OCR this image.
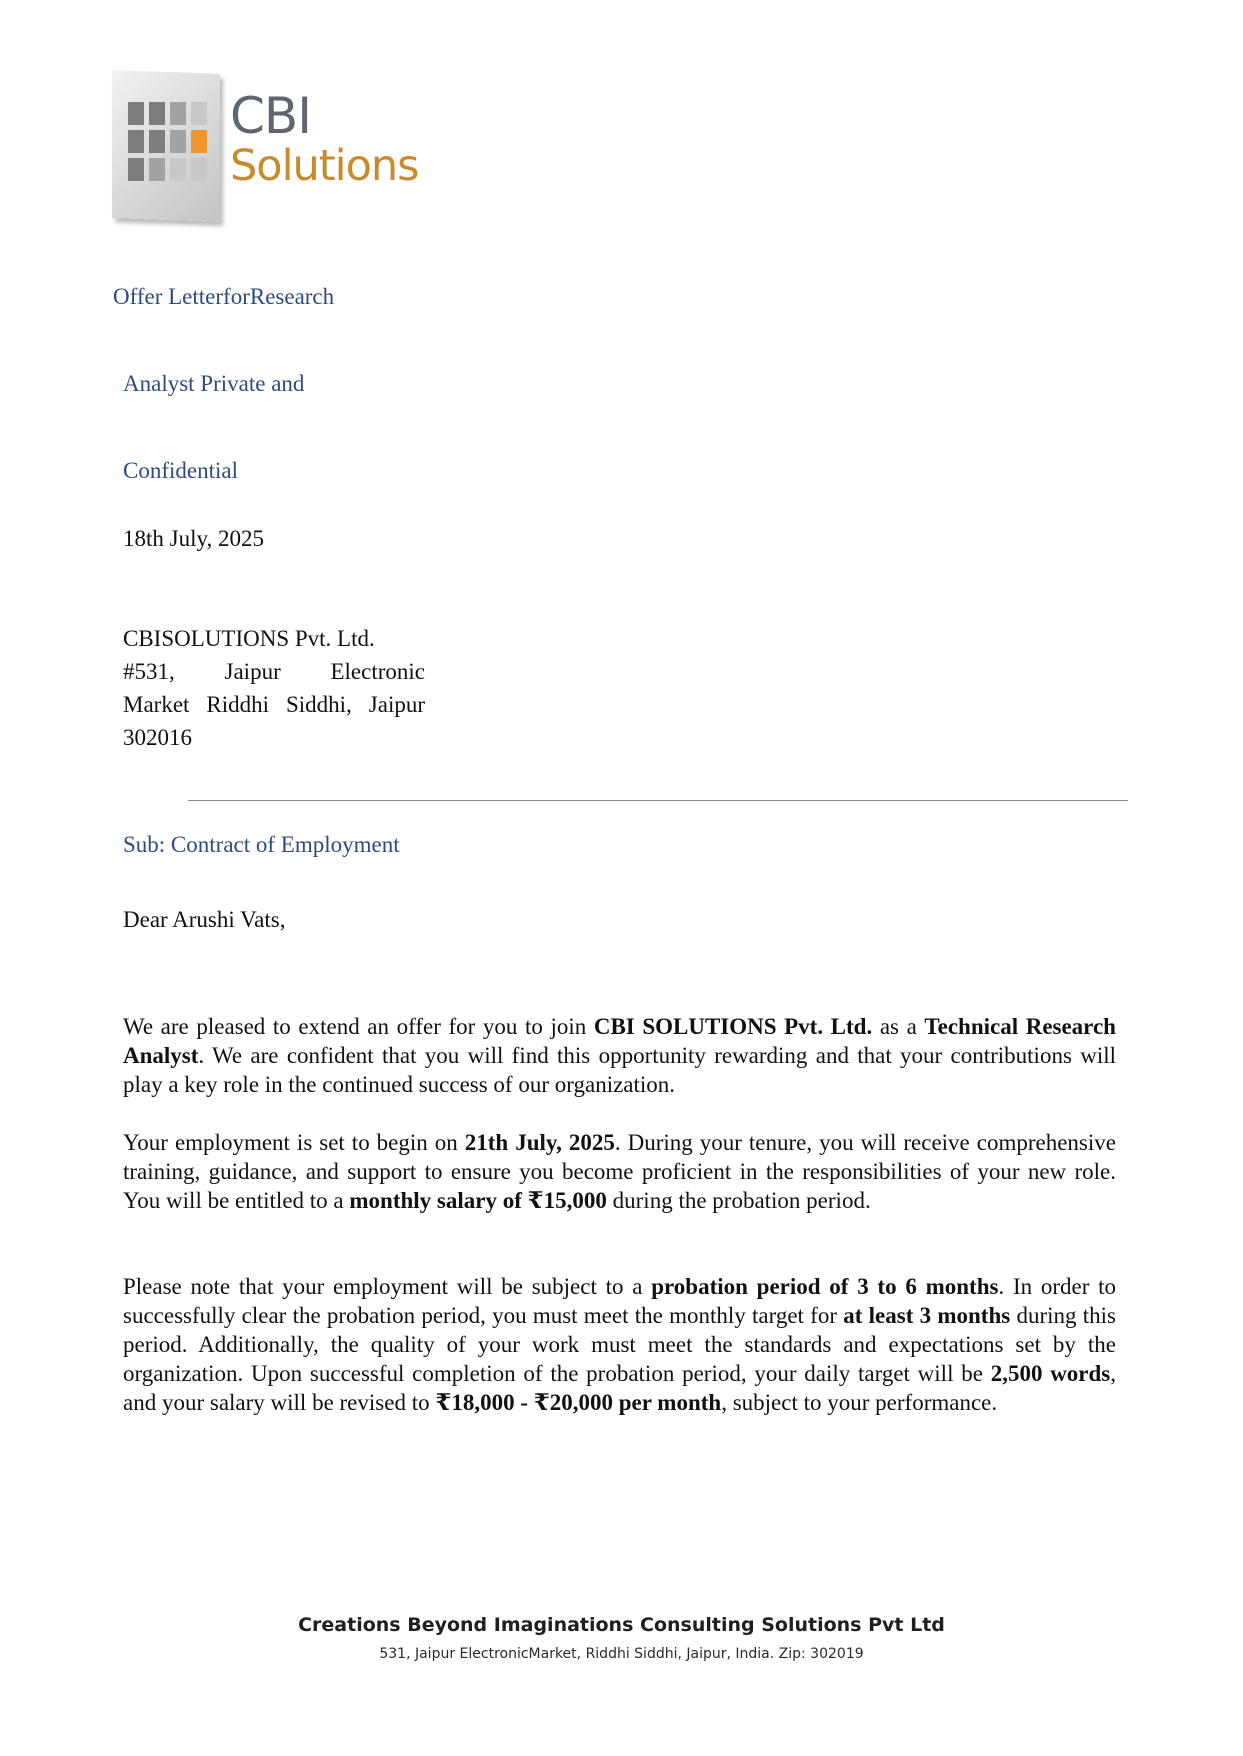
CBI
Solutions
Offer LetterforResearch
Analyst Private and
Confidential
18th July, 2025
CBISOLUTIONS Pvt. Ltd.
#531, Jaipur Electronic
Market Riddhi Siddhi, Jaipur
302016
Sub: Contract of Employment
Dear Arushi Vats,
We are pleased to extend an offer for you to join CBI SOLUTIONS Pvt. Ltd. as a Technical Research Analyst. We are confident that you will find this opportunity rewarding and that your contributions will play a key role in the continued success of our organization.
Your employment is set to begin on 21th July, 2025. During your tenure, you will receive comprehensive training, guidance, and support to ensure you become proficient in the responsibilities of your new role. You will be entitled to a monthly salary of ₹15,000 during the probation period.
Please note that your employment will be subject to a probation period of 3 to 6 months. In order to successfully clear the probation period, you must meet the monthly target for at least 3 months during this period. Additionally, the quality of your work must meet the standards and expectations set by the organization. Upon successful completion of the probation period, your daily target will be 2,500 words, and your salary will be revised to ₹18,000 - ₹20,000 per month, subject to your performance.
Creations Beyond Imaginations Consulting Solutions Pvt Ltd
531, Jaipur ElectronicMarket, Riddhi Siddhi, Jaipur, India. Zip: 302019
